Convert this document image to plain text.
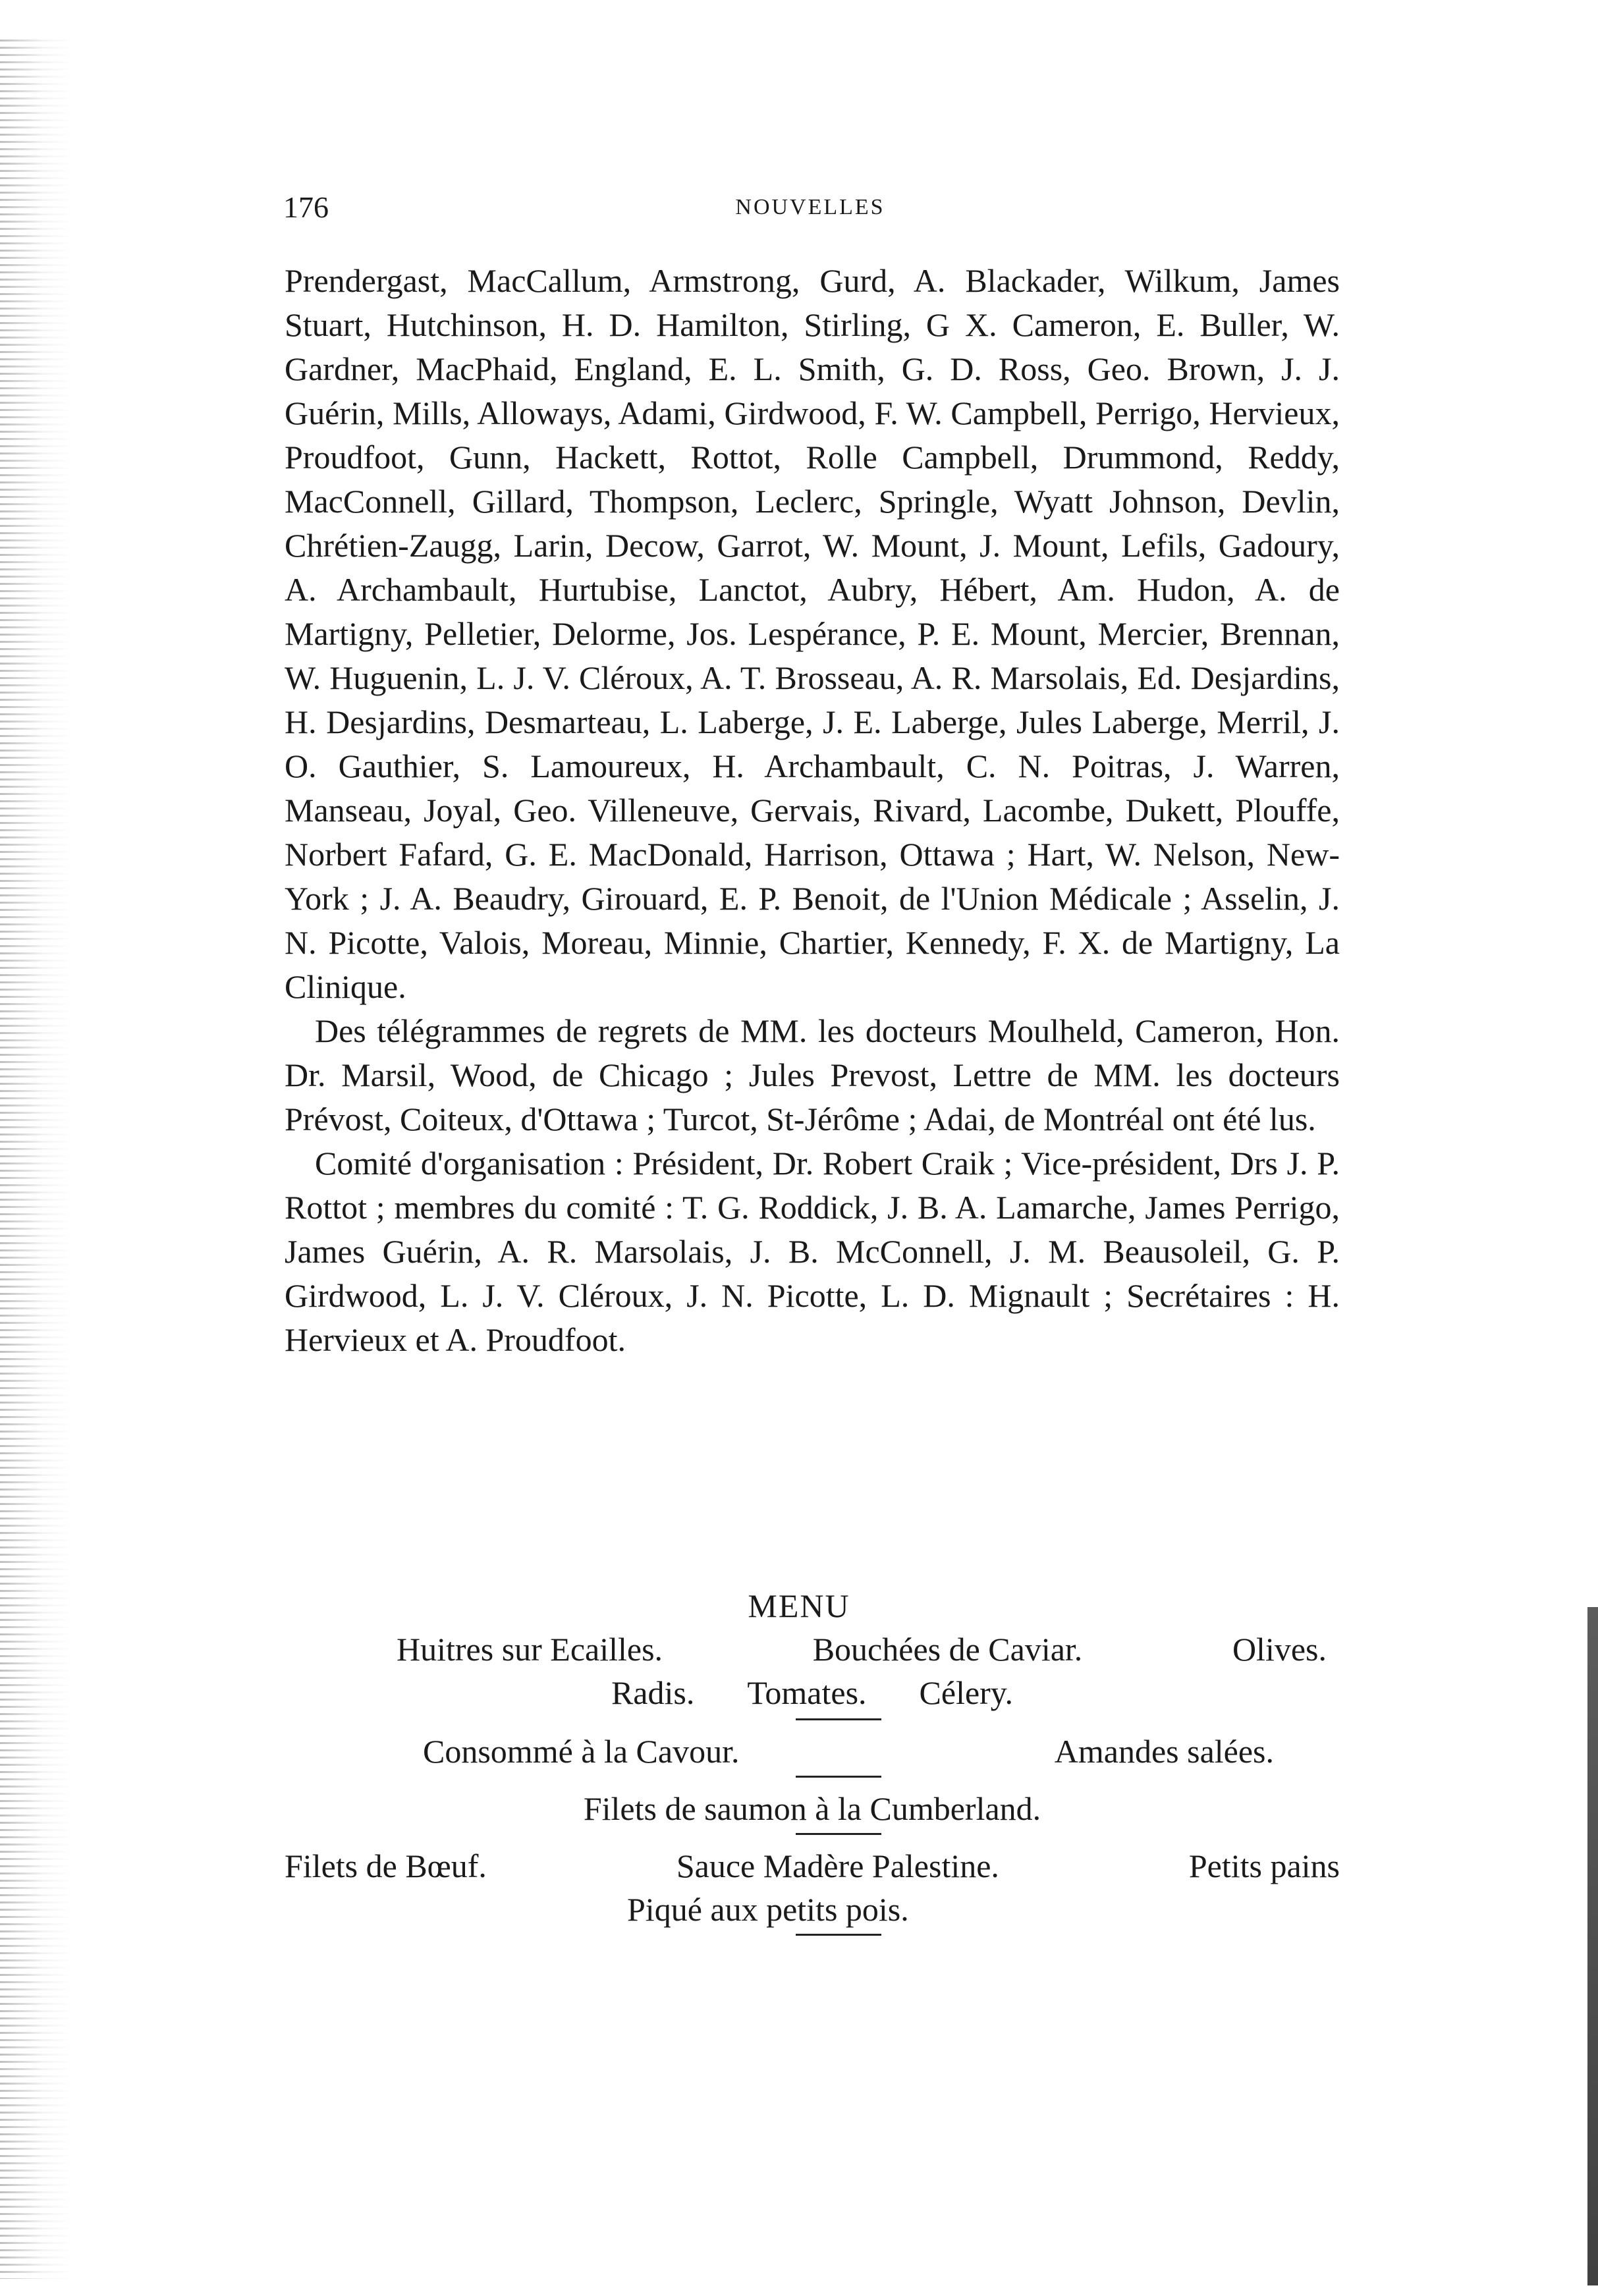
176	NOUVELLES

Prendergast, MacCallum, Armstrong, Gurd, A. Blackader, Wilkum, James Stuart, Hutchinson, H. D. Hamilton, Stirling, G X. Cameron, E. Buller, W. Gardner, MacPhaid, England, E. L. Smith, G. D. Ross, Geo. Brown, J. J. Guérin, Mills, Alloways, Adami, Girdwood, F. W. Campbell, Perrigo, Hervieux, Proudfoot, Gunn, Hackett, Rottot, Rolle Campbell, Drummond, Reddy, MacConnell, Gillard, Thompson, Leclerc, Springle, Wyatt Johnson, Devlin, Chrétien-Zaugg, Larin, Decow, Garrot, W. Mount, J. Mount, Lefils, Gadoury, A. Archambault, Hurtubise, Lanctot, Aubry, Hébert, Am. Hudon, A. de Martigny, Pelletier, Delorme, Jos. Lespérance, P. E. Mount, Mercier, Brennan, W. Huguenin, L. J. V. Cléroux, A. T. Brosseau, A. R. Marsolais, Ed. Desjardins, H. Desjardins, Desmarteau, L. Laberge, J. E. Laberge, Jules Laberge, Merril, J. O. Gauthier, S. Lamoureux, H. Archambault, C. N. Poitras, J. Warren, Manseau, Joyal, Geo. Villeneuve, Gervais, Rivard, Lacombe, Dukett, Plouffe, Norbert Fafard, G. E. MacDonald, Harrison, Ottawa ; Hart, W. Nelson, New-York ; J. A. Beaudry, Girouard, E. P. Benoit, de l'Union Médicale ; Asselin, J. N. Picotte, Valois, Moreau, Minnie, Chartier, Kennedy, F. X. de Martigny, La Clinique.

Des télégrammes de regrets de MM. les docteurs Moulheld, Cameron, Hon. Dr. Marsil, Wood, de Chicago ; Jules Prevost, Lettre de MM. les docteurs Prévost, Coiteux, d'Ottawa ; Turcot, St-Jérôme ; Adai, de Montréal ont été lus.

Comité d'organisation : Président, Dr. Robert Craik ; Vice-président, Drs J. P. Rottot ; membres du comité : T. G. Roddick, J. B. A. Lamarche, James Perrigo, James Guérin, A. R. Marsolais, J. B. McConnell, J. M. Beausoleil, G. P. Girdwood, L. J. V. Cléroux, J. N. Picotte, L. D. Mignault ; Secrétaires : H. Hervieux et A. Proudfoot.

MENU
Huitres sur Ecailles.	Bouchées de Caviar.	Olives.
Radis. Tomates. Célery.
Consommé à la Cavour.	Amandes salées.
Filets de saumon à la Cumberland.
Filets de Bœuf.	Sauce Madère Palestine.	Petits pains
Piqué aux petits pois.
